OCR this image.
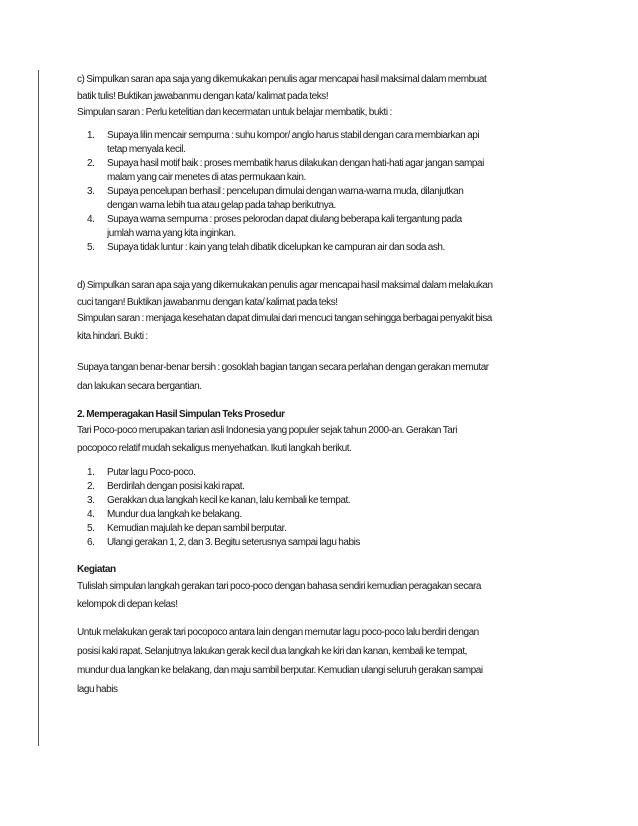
c) Simpulkan saran apa saja yang dikemukakan penulis agar mencapai hasil maksimal dalam membuat

batik tulis! Buktikan jawabanmu dengan kata/ kalimat pada teks!

Simpulan saran : Perlu ketelitian dan kecermatan untuk belajar membatik, bukti :

1. Supaya lilin mencair sempurna : suhu kompor/ anglo harus stabil dengan cara membiarkan api
tetap menyala kecil.
2. Supaya hasil motif baik : proses membatik harus dilakukan dengan hati-hati agar jangan sampai
malam yang cair menetes di atas permukaan kain.
3. Supaya pencelupan berhasil : pencelupan dimulai dengan warna-warna muda, dilanjutkan
dengan warna lebih tua atau gelap pada tahap berikutnya.
4. Supaya warna sempurna : proses pelorodan dapat diulang beberapa kali tergantung pada
jumlah warna yang kita inginkan.
5. Supaya tidak luntur : kain yang telah dibatik dicelupkan ke campuran air dan soda ash.

d) Simpulkan saran apa saja yang dikemukakan penulis agar mencapai hasil maksimal dalam melakukan

cuci tangan! Buktikan jawabanmu dengan kata/ kalimat pada teks!

Simpulan saran : menjaga kesehatan dapat dimulai dari mencuci tangan sehingga berbagai penyakit bisa

kita hindari. Bukti :

Supaya tangan benar-benar bersih : gosoklah bagian tangan secara perlahan dengan gerakan memutar

dan lakukan secara bergantian.

2. Memperagakan Hasil Simpulan Teks Prosedur

Tari Poco-poco merupakan tarian asli Indonesia yang populer sejak tahun 2000-an. Gerakan Tari

pocopoco relatif mudah sekaligus menyehatkan. Ikuti langkah berikut.

1. Putar lagu Poco-poco.
2. Berdirilah dengan posisi kaki rapat.
3. Gerakkan dua langkah kecil ke kanan, lalu kembali ke tempat.
4. Mundur dua langkah ke belakang.
5. Kemudian majulah ke depan sambil berputar.
6. Ulangi gerakan 1, 2, dan 3. Begitu seterusnya sampai lagu habis

Kegiatan

Tulislah simpulan langkah gerakan tari poco-poco dengan bahasa sendiri kemudian peragakan secara

kelompok di depan kelas!

Untuk melakukan gerak tari pocopoco antara lain dengan memutar lagu poco-poco lalu berdiri dengan

posisi kaki rapat. Selanjutnya lakukan gerak kecil dua langkah ke kiri dan kanan, kembali ke tempat,

mundur dua langkan ke belakang, dan maju sambil berputar. Kemudian ulangi seluruh gerakan sampai

lagu habis
